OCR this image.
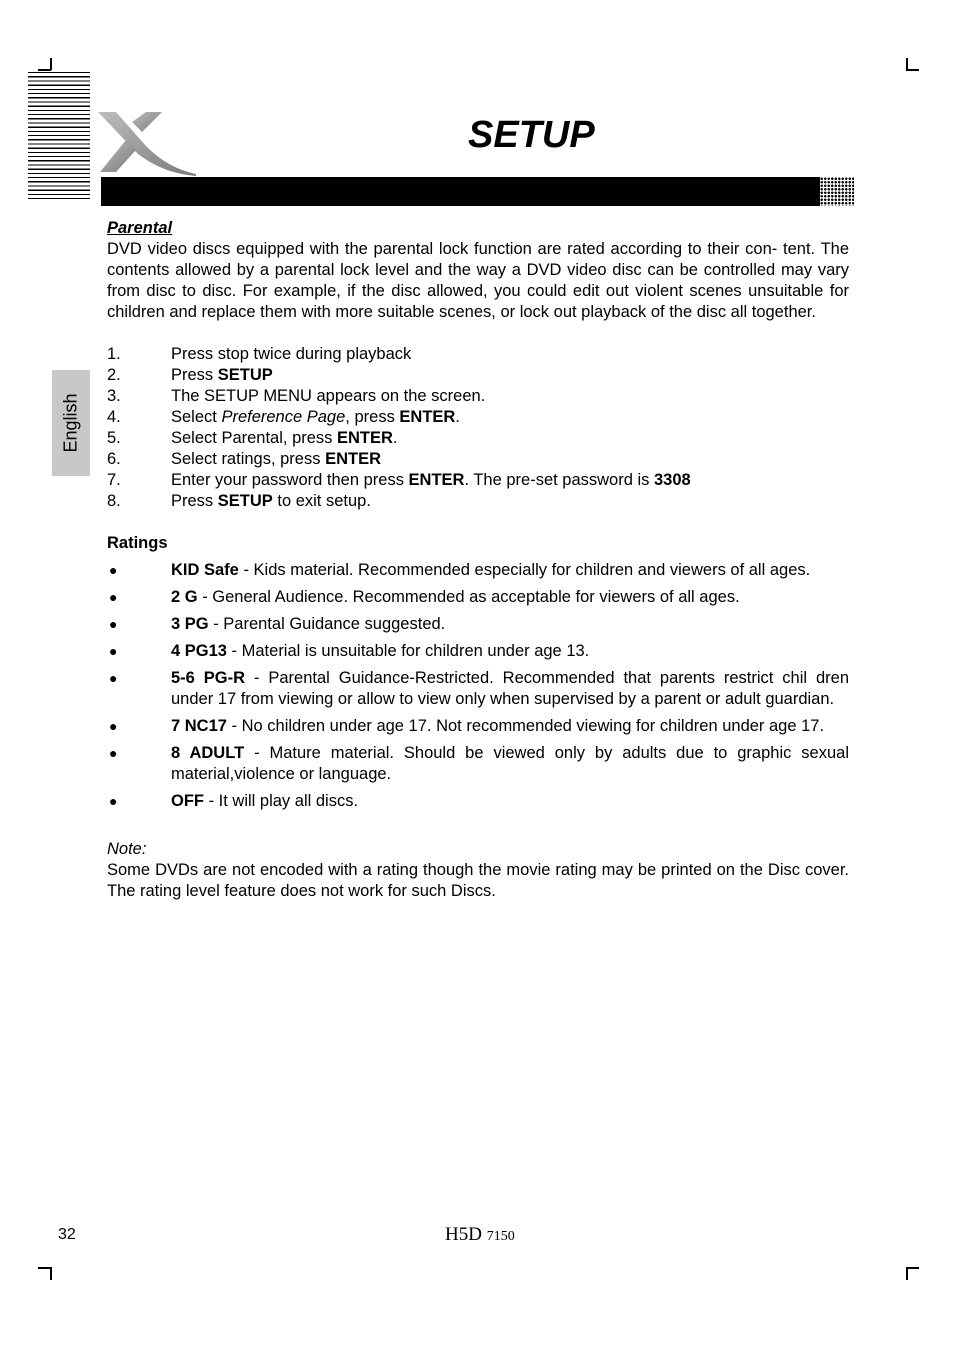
SETUP
English
Parental

DVD video discs equipped with the parental lock function are rated according to their con- tent. The contents allowed by a parental lock level and the way a DVD video disc can be controlled may vary from disc to disc. For example, if the disc allowed, you could edit out violent scenes unsuitable for children and replace them with more suitable scenes, or lock out playback of the disc all together.

1.	Press stop twice during playback
2.	Press SETUP
3.	The SETUP MENU appears on the screen.
4.	Select Preference Page, press ENTER.
5.	Select Parental, press ENTER.
6.	Select ratings, press ENTER
7.	Enter your password then press ENTER. The pre-set password is 3308
8.	Press SETUP to exit setup.
Ratings
●	KID Safe - Kids material. Recommended especially for children and viewers of all ages.
●	2 G - General Audience. Recommended as acceptable for viewers of all ages.
●	3 PG - Parental Guidance suggested.
●	4 PG13 - Material is unsuitable for children under age 13.
●	5-6 PG-R - Parental Guidance-Restricted. Recommended that parents restrict chil dren under 17 from viewing or allow to view only when supervised by a parent or adult guardian.
●	7 NC17 - No children under age 17. Not recommended viewing for children under age 17.
●	8 ADULT - Mature material. Should be viewed only by adults due to graphic sexual material,violence or language.
●	OFF - It will play all discs.
Note:

Some DVDs are not encoded with a rating though the movie rating may be printed on the Disc cover. The rating level feature does not work for such Discs.

32	H5D 7150
